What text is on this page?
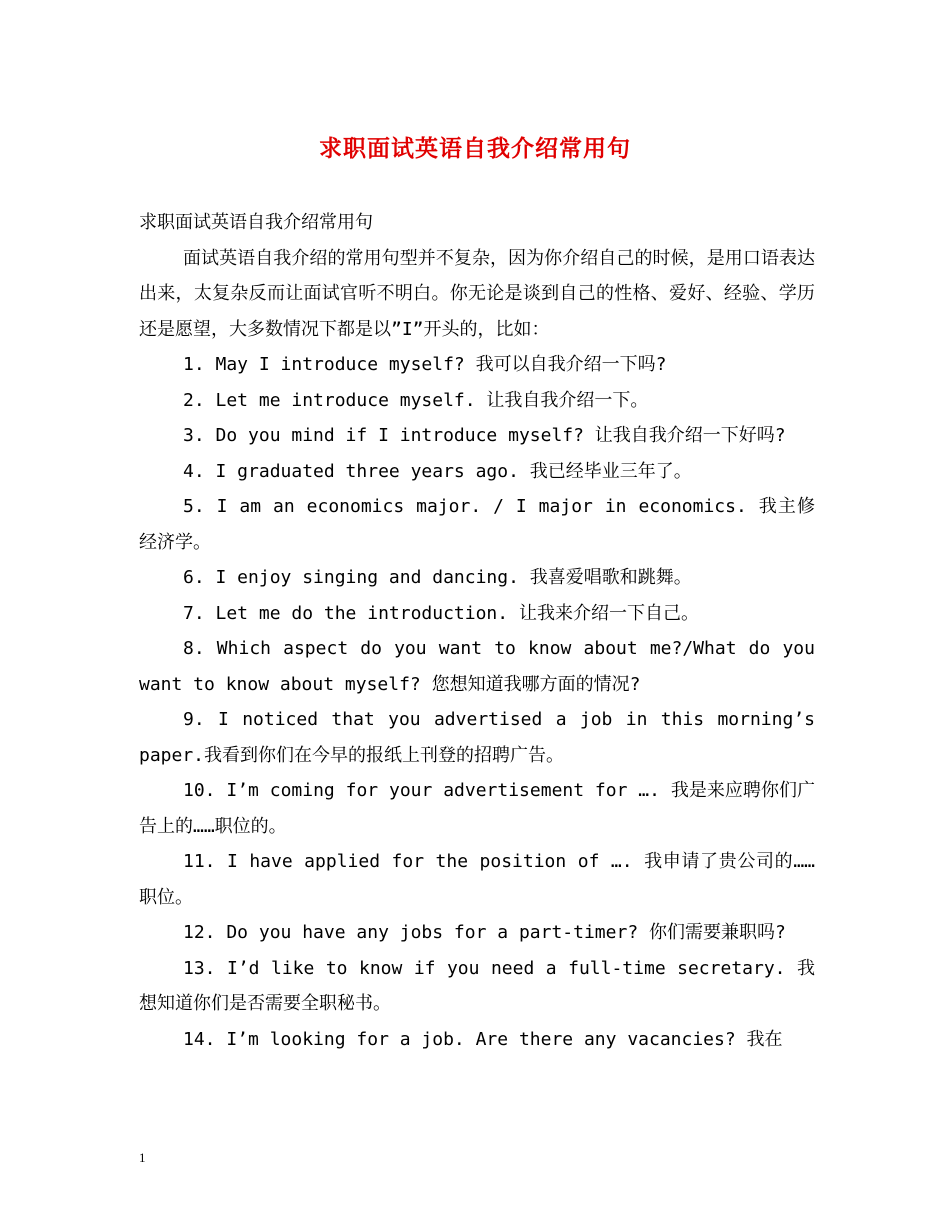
求职面试英语自我介绍常用句

求职面试英语自我介绍常用句

面试英语自我介绍的常用句型并不复杂，因为你介绍自己的时候，是用口语表达出来，太复杂反而让面试官听不明白。你无论是谈到自己的性格、爱好、经验、学历还是愿望，大多数情况下都是以”I”开头的，比如：

1. May I introduce myself? 我可以自我介绍一下吗?

2. Let me introduce myself. 让我自我介绍一下。

3. Do you mind if I introduce myself? 让我自我介绍一下好吗?

4. I graduated three years ago. 我已经毕业三年了。

5. I am an economics major. / I major in economics. 我主修经济学。

6. I enjoy singing and dancing. 我喜爱唱歌和跳舞。

7. Let me do the introduction. 让我来介绍一下自己。

8. Which aspect do you want to know about me?/What do you want to know about myself? 您想知道我哪方面的情况?

9. I noticed that you advertised a job in this morning’s paper.我看到你们在今早的报纸上刊登的招聘广告。

10. I’m coming for your advertisement for …. 我是来应聘你们广告上的……职位的。

11. I have applied for the position of …. 我申请了贵公司的……职位。

12. Do you have any jobs for a part-timer? 你们需要兼职吗?

13. I’d like to know if you need a full-time secretary. 我想知道你们是否需要全职秘书。

14. I’m looking for a job. Are there any vacancies? 我在

1
